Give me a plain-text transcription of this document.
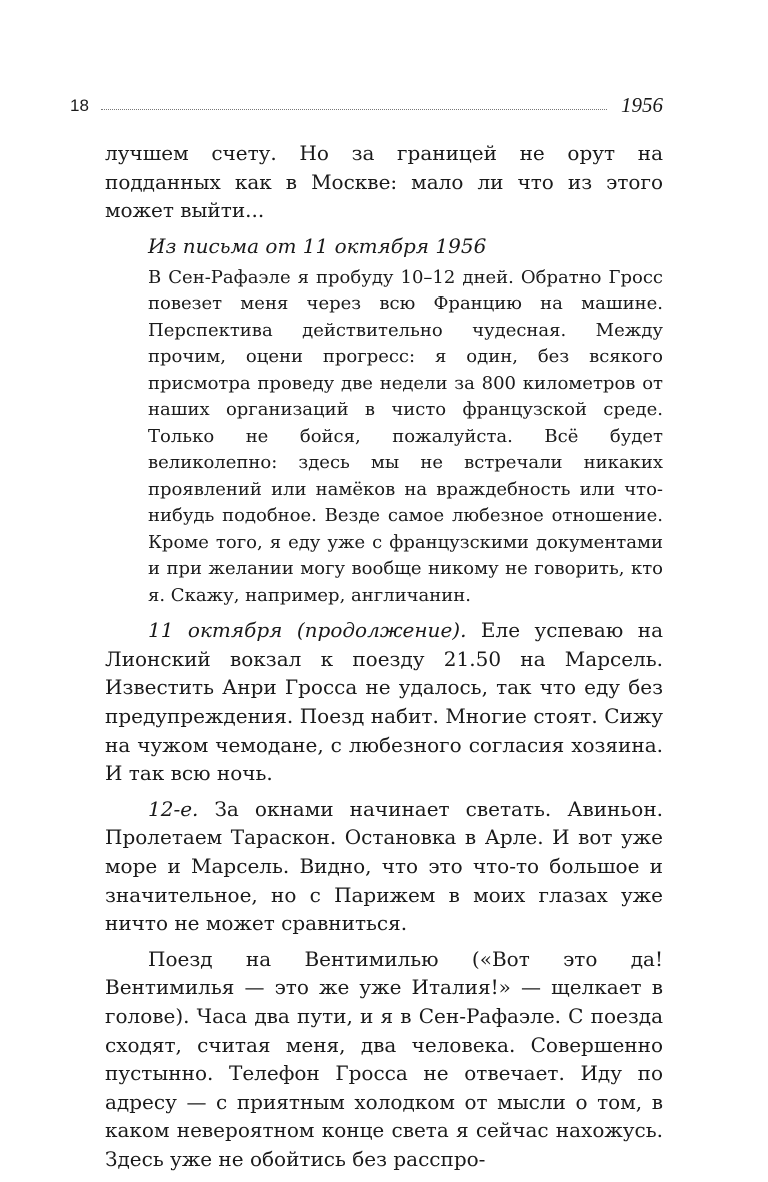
18	1956

лучшем счету. Но за границей не орут на подданных как в Москве: мало ли что из этого может выйти...

Из письма от 11 октября 1956

В Сен-Рафаэле я пробуду 10–12 дней. Обратно Гросс повезет меня через всю Францию на машине. Перспектива действительно чудесная. Между прочим, оцени прогресс: я один, без всякого присмотра проведу две недели за 800 километров от наших организаций в чисто французской среде. Только не бойся, пожалуйста. Всё будет великолепно: здесь мы не встречали никаких проявлений или намёков на враждебность или что-нибудь подобное. Везде самое любезное отношение. Кроме того, я еду уже с французскими документами и при желании могу вообще никому не говорить, кто я. Скажу, например, англичанин.

11 октября (продолжение). Еле успеваю на Лионский вокзал к поезду 21.50 на Марсель. Известить Анри Гросса не удалось, так что еду без предупреждения. Поезд набит. Многие стоят. Сижу на чужом чемодане, с любезного согласия хозяина. И так всю ночь.

12-е. За окнами начинает светать. Авиньон. Пролетаем Тараскон. Остановка в Арле. И вот уже море и Марсель. Видно, что это что-то большое и значительное, но с Парижем в моих глазах уже ничто не может сравниться.

Поезд на Вентимилью («Вот это да! Вентимилья — это же уже Италия!» — щелкает в голове). Часа два пути, и я в Сен-Рафаэле. С поезда сходят, считая меня, два человека. Совершенно пустынно. Телефон Гросса не отвечает. Иду по адресу — с приятным холодком от мысли о том, в каком невероятном конце света я сейчас нахожусь. Здесь уже не обойтись без расспро-
